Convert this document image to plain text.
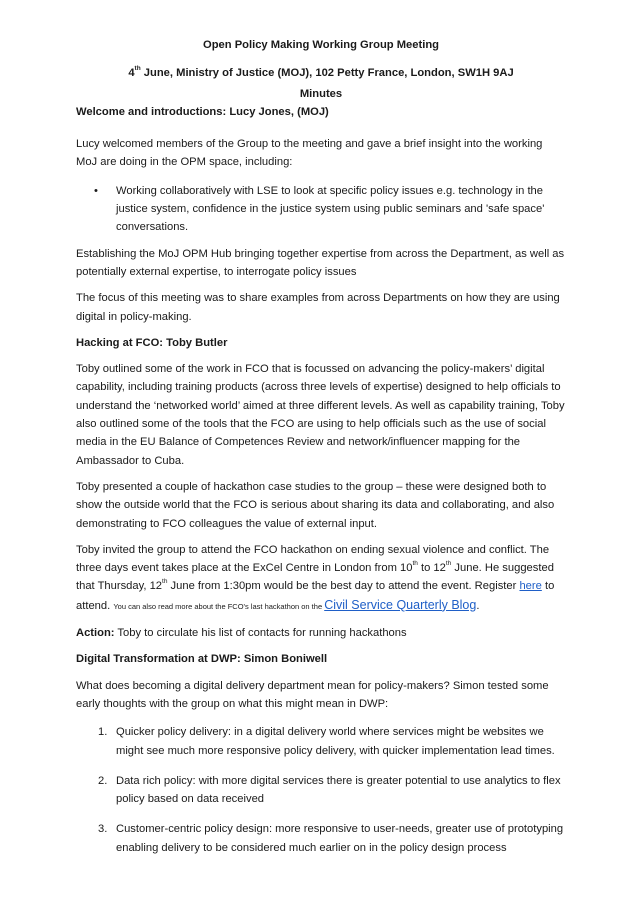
Open Policy Making Working Group Meeting

4th June, Ministry of Justice (MOJ), 102 Petty France, London, SW1H 9AJ

Minutes

Welcome and introductions: Lucy Jones, (MOJ)

Lucy welcomed members of the Group to the meeting and gave a brief insight into the working MoJ are doing in the OPM space, including:

• Working collaboratively with LSE to look at specific policy issues e.g. technology in the justice system, confidence in the justice system using public seminars and 'safe space' conversations.

Establishing the MoJ OPM Hub bringing together expertise from across the Department, as well as potentially external expertise, to interrogate policy issues

The focus of this meeting was to share examples from across Departments on how they are using digital in policy-making.

Hacking at FCO: Toby Butler

Toby outlined some of the work in FCO that is focussed on advancing the policy-makers’ digital capability, including training products (across three levels of expertise) designed to help officials to understand the ‘networked world’ aimed at three different levels. As well as capability training, Toby also outlined some of the tools that the FCO are using to help officials such as the use of social media in the EU Balance of Competences Review and network/influencer mapping for the Ambassador to Cuba.

Toby presented a couple of hackathon case studies to the group – these were designed both to show the outside world that the FCO is serious about sharing its data and collaborating, and also demonstrating to FCO colleagues the value of external input.

Toby invited the group to attend the FCO hackathon on ending sexual violence and conflict. The three days event takes place at the ExCel Centre in London from 10th to 12th June. He suggested that Thursday, 12th June from 1:30pm would be the best day to attend the event. Register here to attend. You can also read more about the FCO's last hackathon on the Civil Service Quarterly Blog.

Action: Toby to circulate his list of contacts for running hackathons

Digital Transformation at DWP: Simon Boniwell

What does becoming a digital delivery department mean for policy-makers? Simon tested some early thoughts with the group on what this might mean in DWP:

1. Quicker policy delivery: in a digital delivery world where services might be websites we might see much more responsive policy delivery, with quicker implementation lead times.
2. Data rich policy: with more digital services there is greater potential to use analytics to flex policy based on data received
3. Customer-centric policy design: more responsive to user-needs, greater use of prototyping enabling delivery to be considered much earlier on in the policy design process
